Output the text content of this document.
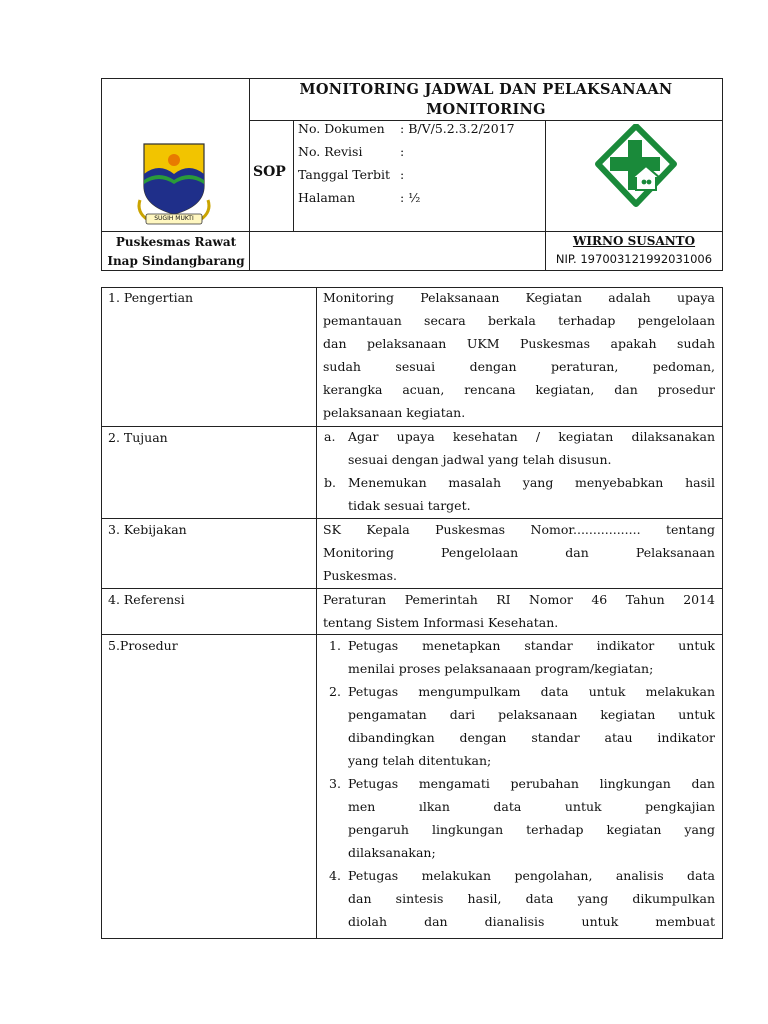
MONITORING JADWAL DAN PELAKSANAAN
MONITORING
SUGIH MUKTI
SOP
No. Dokumen : B/V/5.2.3.2/2017
No. Revisi	:
Tanggal Terbit :
Halaman	: ½
Puskesmas Rawat
Inap Sindangbarang
WIRNO SUSANTO
NIP. 197003121992031006
1. Pengertian	Monitoring Pelaksanaan Kegiatan adalah upaya
pemantauan secara berkala terhadap pengelolaan
dan pelaksanaan UKM Puskesmas apakah sudah
sudah sesuai dengan peraturan, pedoman,
kerangka acuan, rencana kegiatan, dan prosedur
pelaksanaan kegiatan.
2. Tujuan	a. Agar upaya kesehatan / kegiatan dilaksanakan
sesuai dengan jadwal yang telah disusun.
b. Menemukan masalah yang menyebabkan hasil
tidak sesuai target.
3. Kebijakan	SK Kepala Puskesmas Nomor................. tentang
Monitoring Pengelolaan dan Pelaksanaan
Puskesmas.
4. Referensi	Peraturan Pemerintah RI Nomor 46 Tahun 2014
tentang Sistem Informasi Kesehatan.
5.Prosedur	1. Petugas menetapkan standar indikator untuk
menilai proses pelaksanaaan program/kegiatan;
2. Petugas mengumpulkam data untuk melakukan
pengamatan dari pelaksanaan kegiatan untuk
dibandingkan dengan standar atau indikator
yang telah ditentukan;
3. Petugas mengamati perubahan lingkungan dan
men ılkan data untuk pengkajian
pengaruh lingkungan terhadap kegiatan yang
dilaksanakan;
4. Petugas melakukan pengolahan, analisis data
dan sintesis hasil, data yang dikumpulkan
diolah dan dianalisis untuk membuat
